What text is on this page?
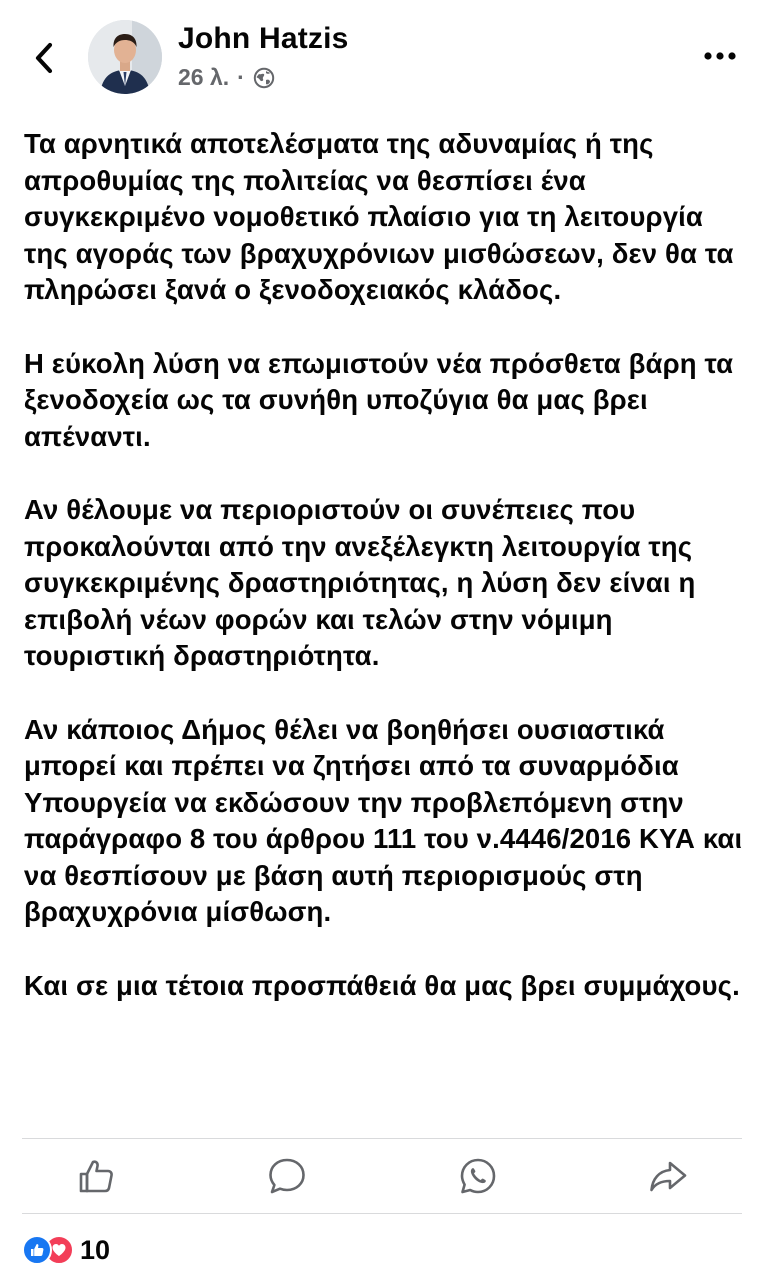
John Hatzis
26 λ. ·

Τα αρνητικά αποτελέσματα της αδυναμίας ή της απροθυμίας της πολιτείας να θεσπίσει ένα συγκεκριμένο νομοθετικό πλαίσιο για τη λειτουργία της αγοράς των βραχυχρόνιων μισθώσεων, δεν θα τα πληρώσει ξανά ο ξενοδοχειακός κλάδος.

Η εύκολη λύση να επωμιστούν νέα πρόσθετα βάρη τα ξενοδοχεία ως τα συνήθη υποζύγια θα μας βρει απέναντι.

Αν θέλουμε να περιοριστούν οι συνέπειες που προκαλούνται από την ανεξέλεγκτη λειτουργία της συγκεκριμένης δραστηριότητας, η λύση δεν είναι η επιβολή νέων φορών και τελών στην νόμιμη τουριστική δραστηριότητα.

Αν κάποιος Δήμος θέλει να βοηθήσει ουσιαστικά μπορεί και πρέπει να ζητήσει από τα συναρμόδια Υπουργεία να εκδώσουν την προβλεπόμενη στην παράγραφο 8 του άρθρου 111 του ν.4446/2016 ΚΥΑ και να θεσπίσουν με βάση αυτή περιορισμούς στη βραχυχρόνια μίσθωση.

Και σε μια τέτοια προσπάθειά θα μας βρει συμμάχους.

10
